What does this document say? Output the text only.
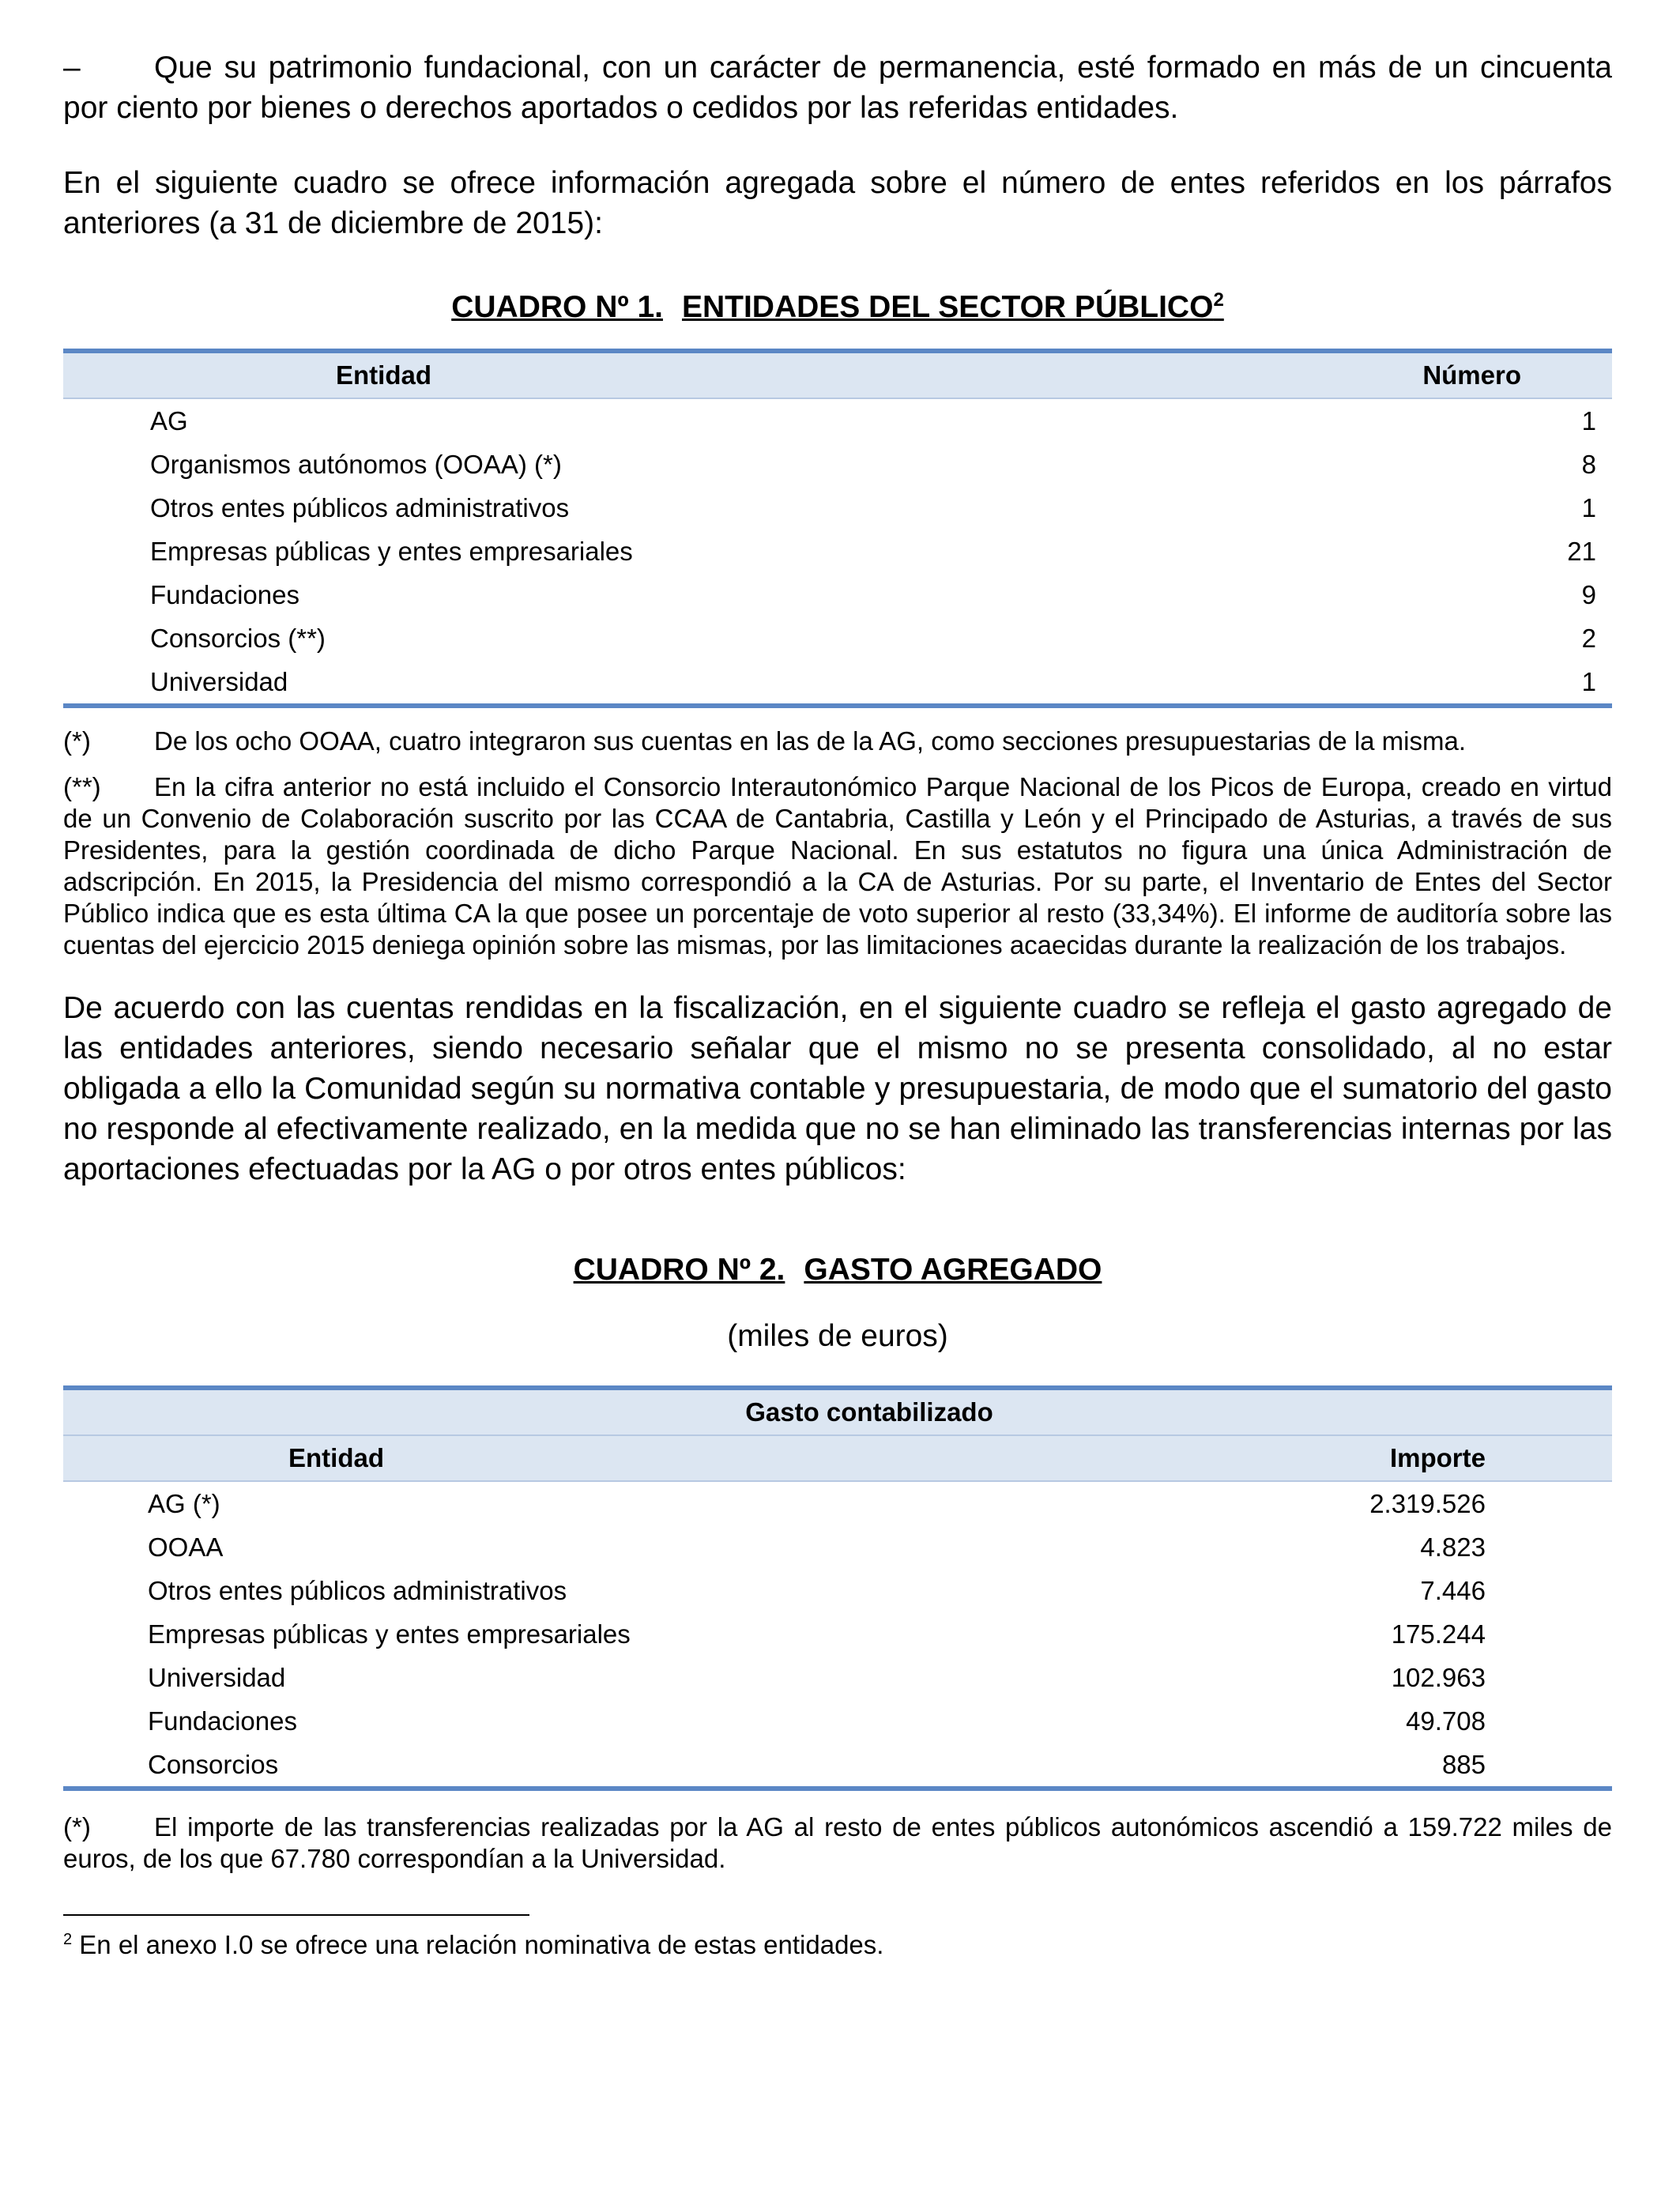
– Que su patrimonio fundacional, con un carácter de permanencia, esté formado en más de un cincuenta por ciento por bienes o derechos aportados o cedidos por las referidas entidades.

En el siguiente cuadro se ofrece información agregada sobre el número de entes referidos en los párrafos anteriores (a 31 de diciembre de 2015):

CUADRO Nº 1. ENTIDADES DEL SECTOR PÚBLICO$^2$

Entidad	Número
AG	1
Organismos autónomos (OOAA) (*)	8
Otros entes públicos administrativos	1
Empresas públicas y entes empresariales	21
Fundaciones	9
Consorcios (**)	2
Universidad	1

(*) De los ocho OOAA, cuatro integraron sus cuentas en las de la AG, como secciones presupuestarias de la misma.

(**) En la cifra anterior no está incluido el Consorcio Interautonómico Parque Nacional de los Picos de Europa, creado en virtud de un Convenio de Colaboración suscrito por las CCAA de Cantabria, Castilla y León y el Principado de Asturias, a través de sus Presidentes, para la gestión coordinada de dicho Parque Nacional. En sus estatutos no figura una única Administración de adscripción. En 2015, la Presidencia del mismo correspondió a la CA de Asturias. Por su parte, el Inventario de Entes del Sector Público indica que es esta última CA la que posee un porcentaje de voto superior al resto (33,34%). El informe de auditoría sobre las cuentas del ejercicio 2015 deniega opinión sobre las mismas, por las limitaciones acaecidas durante la realización de los trabajos.

De acuerdo con las cuentas rendidas en la fiscalización, en el siguiente cuadro se refleja el gasto agregado de las entidades anteriores, siendo necesario señalar que el mismo no se presenta consolidado, al no estar obligada a ello la Comunidad según su normativa contable y presupuestaria, de modo que el sumatorio del gasto no responde al efectivamente realizado, en la medida que no se han eliminado las transferencias internas por las aportaciones efectuadas por la AG o por otros entes públicos:

CUADRO Nº 2. GASTO AGREGADO

(miles de euros)

Gasto contabilizado	
Entidad	Importe
AG (*)	2.319.526
OOAA	4.823
Otros entes públicos administrativos	7.446
Empresas públicas y entes empresariales	175.244
Universidad	102.963
Fundaciones	49.708
Consorcios	885

(*) El importe de las transferencias realizadas por la AG al resto de entes públicos autonómicos ascendió a 159.722 miles de euros, de los que 67.780 correspondían a la Universidad.

$^2$ En el anexo I.0 se ofrece una relación nominativa de estas entidades.
